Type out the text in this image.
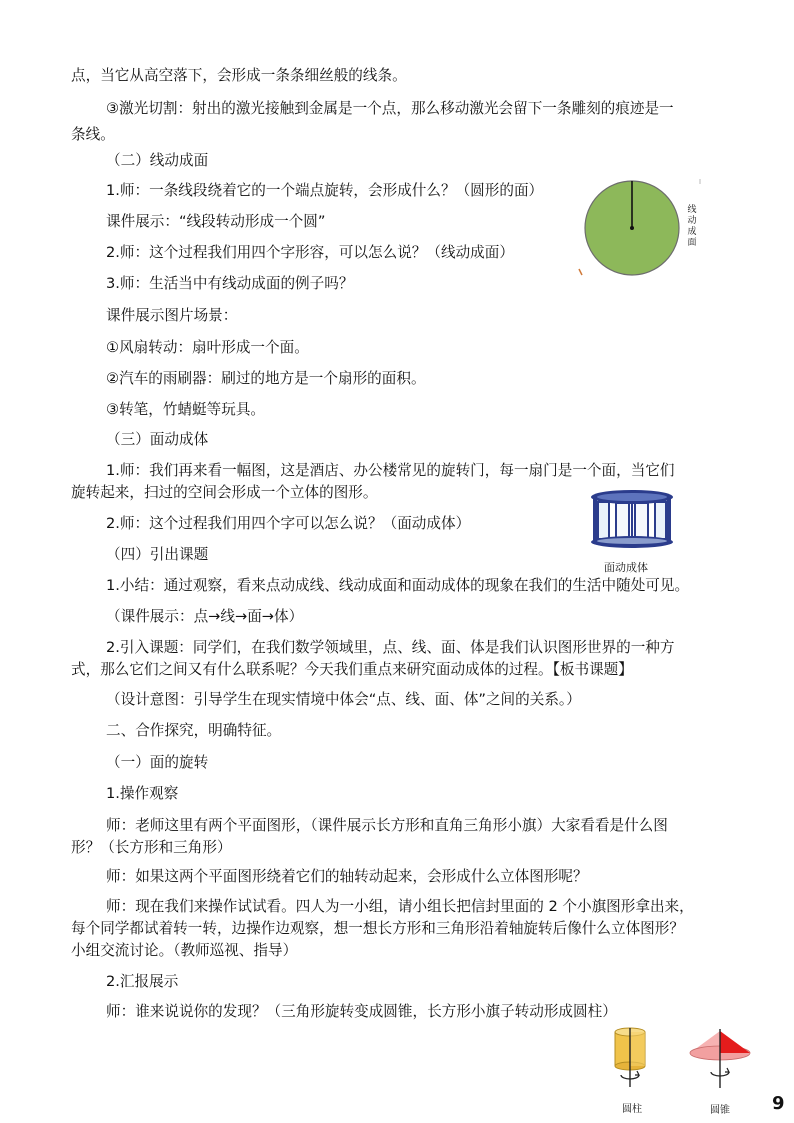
点，当它从高空落下，会形成一条条细丝般的线条。
③激光切割：射出的激光接触到金属是一个点，那么移动激光会留下一条雕刻的痕迹是一
条线。
（二）线动成面
1.师：一条线段绕着它的一个端点旋转，会形成什么？（圆形的面）
课件展示：“线段转动形成一个圆”
2.师：这个过程我们用四个字形容，可以怎么说？（线动成面）
3.师：生活当中有线动成面的例子吗？
课件展示图片场景：
①风扇转动：扇叶形成一个面。
②汽车的雨刷器：刷过的地方是一个扇形的面积。
③转笔，竹蜻蜓等玩具。
（三）面动成体
1.师：我们再来看一幅图，这是酒店、办公楼常见的旋转门，每一扇门是一个面，当它们
旋转起来，扫过的空间会形成一个立体的图形。
2.师：这个过程我们用四个字可以怎么说？（面动成体）
（四）引出课题
1.小结：通过观察，看来点动成线、线动成面和面动成体的现象在我们的生活中随处可见。
（课件展示：点→线→面→体）
2.引入课题：同学们，在我们数学领域里，点、线、面、体是我们认识图形世界的一种方
式，那么它们之间又有什么联系呢？今天我们重点来研究面动成体的过程。【板书课题】
（设计意图：引导学生在现实情境中体会“点、线、面、体”之间的关系。）
二、合作探究，明确特征。
（一）面的旋转
1.操作观察
师：老师这里有两个平面图形，（课件展示长方形和直角三角形小旗）大家看看是什么图
形？（长方形和三角形）
师：如果这两个平面图形绕着它们的轴转动起来，会形成什么立体图形呢？
师：现在我们来操作试试看。四人为一小组，请小组长把信封里面的 2 个小旗图形拿出来，
每个同学都试着转一转，边操作边观察，想一想长方形和三角形沿着轴旋转后像什么立体图形？
小组交流讨论。（教师巡视、指导）
2.汇报展示
师：谁来说说你的发现？（三角形旋转变成圆锥，长方形小旗子转动形成圆柱）
线
动
成
面
面动成体
圆柱	圆锥 9
